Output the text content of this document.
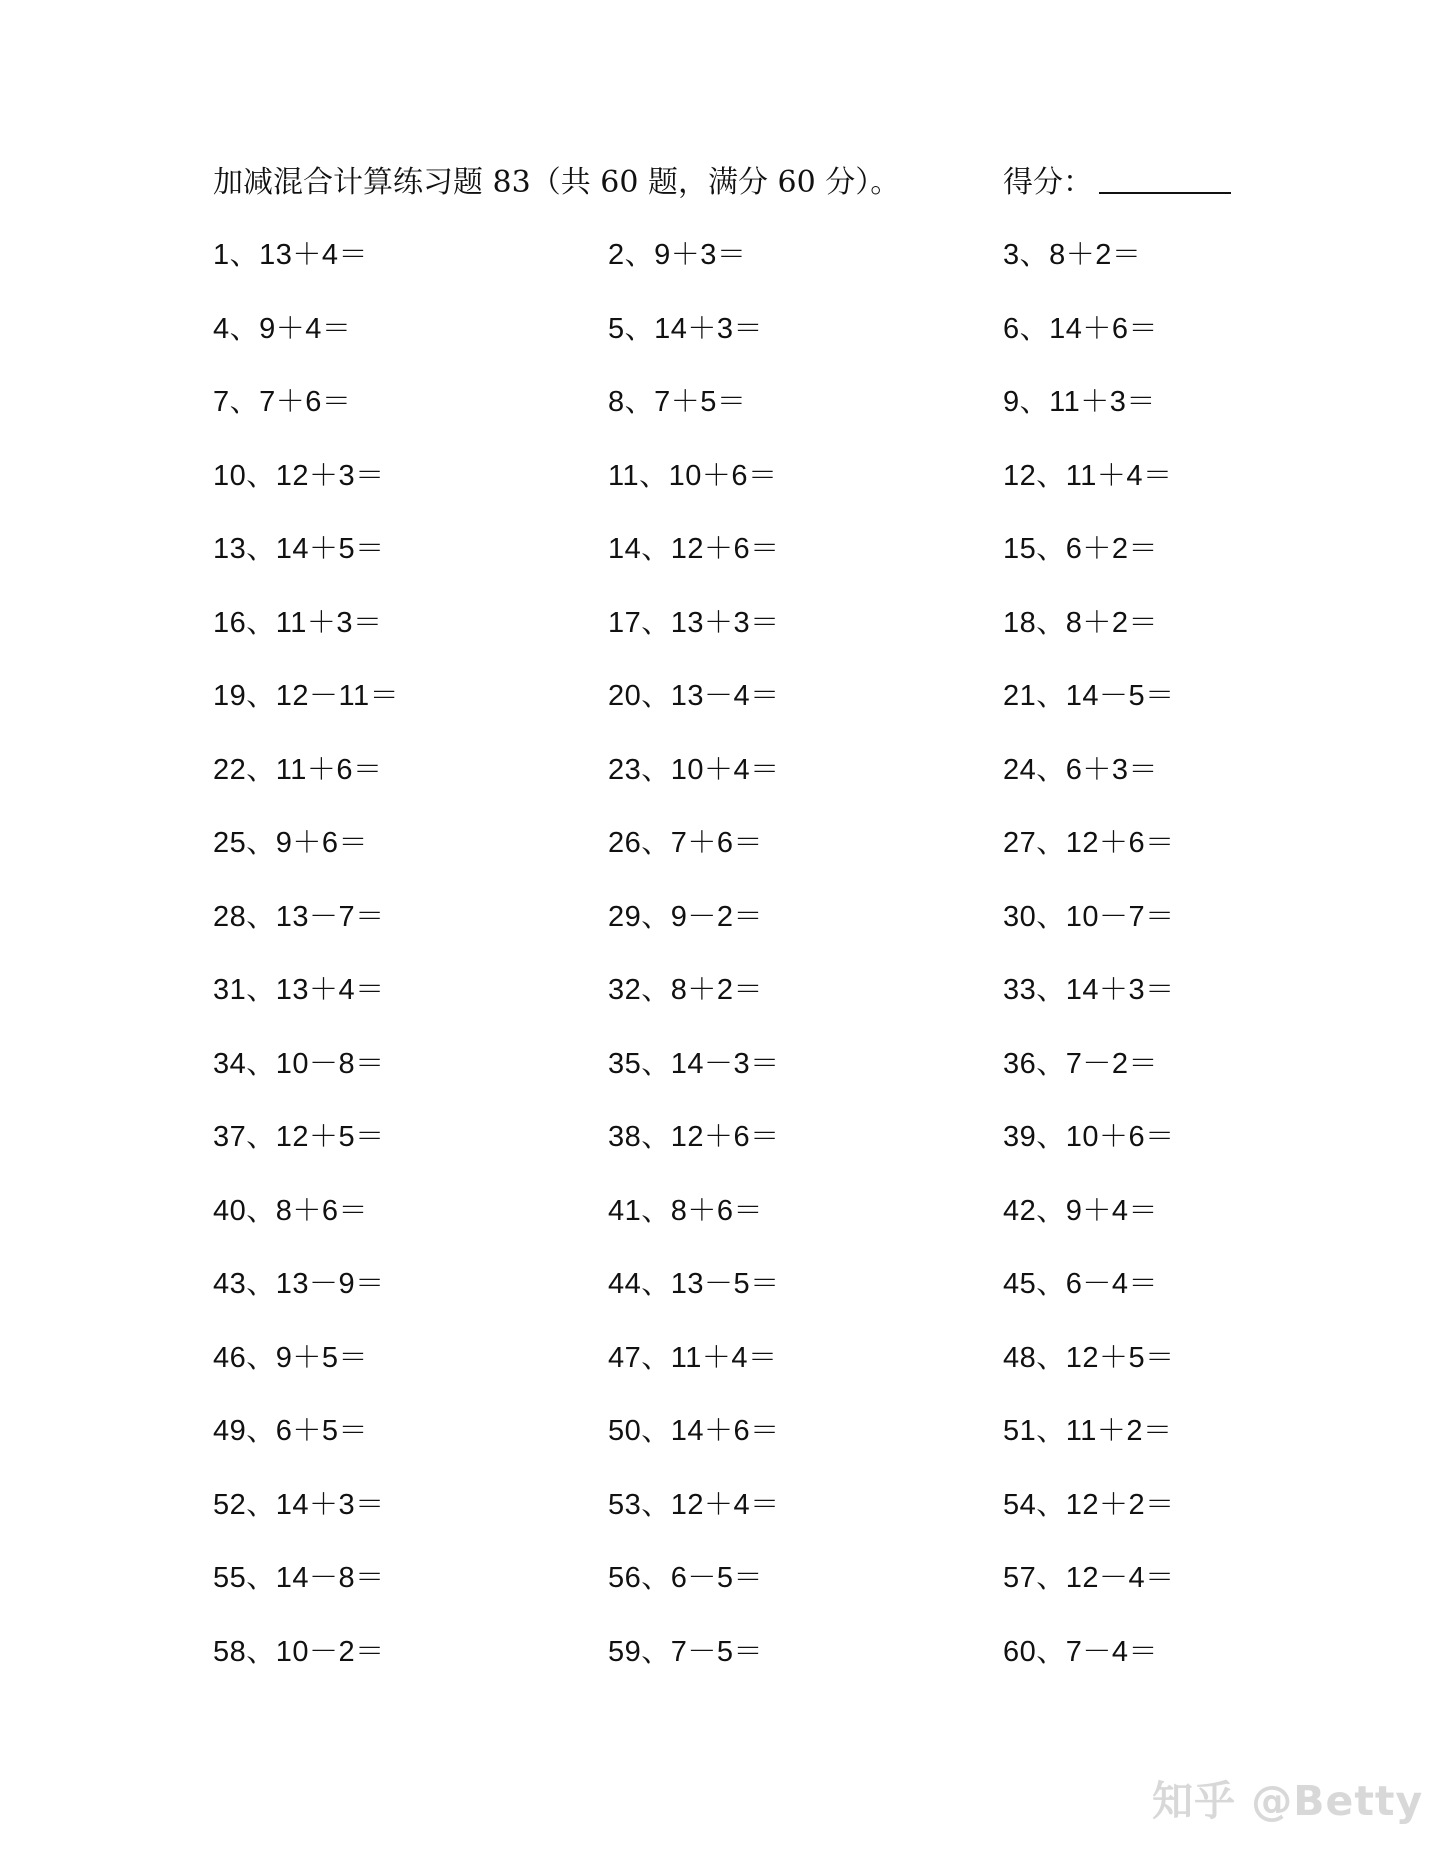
加减混合计算练习题 83（共 60 题，满分 60 分）。	得分：
1、13＋4＝	2、9＋3＝	3、8＋2＝
4、9＋4＝	5、14＋3＝	6、14＋6＝
7、7＋6＝	8、7＋5＝	9、11＋3＝
10、12＋3＝	11、10＋6＝	12、11＋4＝
13、14＋5＝	14、12＋6＝	15、6＋2＝
16、11＋3＝	17、13＋3＝	18、8＋2＝
19、12－11＝	20、13－4＝	21、14－5＝
22、11＋6＝	23、10＋4＝	24、6＋3＝
25、9＋6＝	26、7＋6＝	27、12＋6＝
28、13－7＝	29、9－2＝	30、10－7＝
31、13＋4＝	32、8＋2＝	33、14＋3＝
34、10－8＝	35、14－3＝	36、7－2＝
37、12＋5＝	38、12＋6＝	39、10＋6＝
40、8＋6＝	41、8＋6＝	42、9＋4＝
43、13－9＝	44、13－5＝	45、6－4＝
46、9＋5＝	47、11＋4＝	48、12＋5＝
49、6＋5＝	50、14＋6＝	51、11＋2＝
52、14＋3＝	53、12＋4＝	54、12＋2＝
55、14－8＝	56、6－5＝	57、12－4＝
58、10－2＝	59、7－5＝	60、7－4＝
知乎 @Betty
